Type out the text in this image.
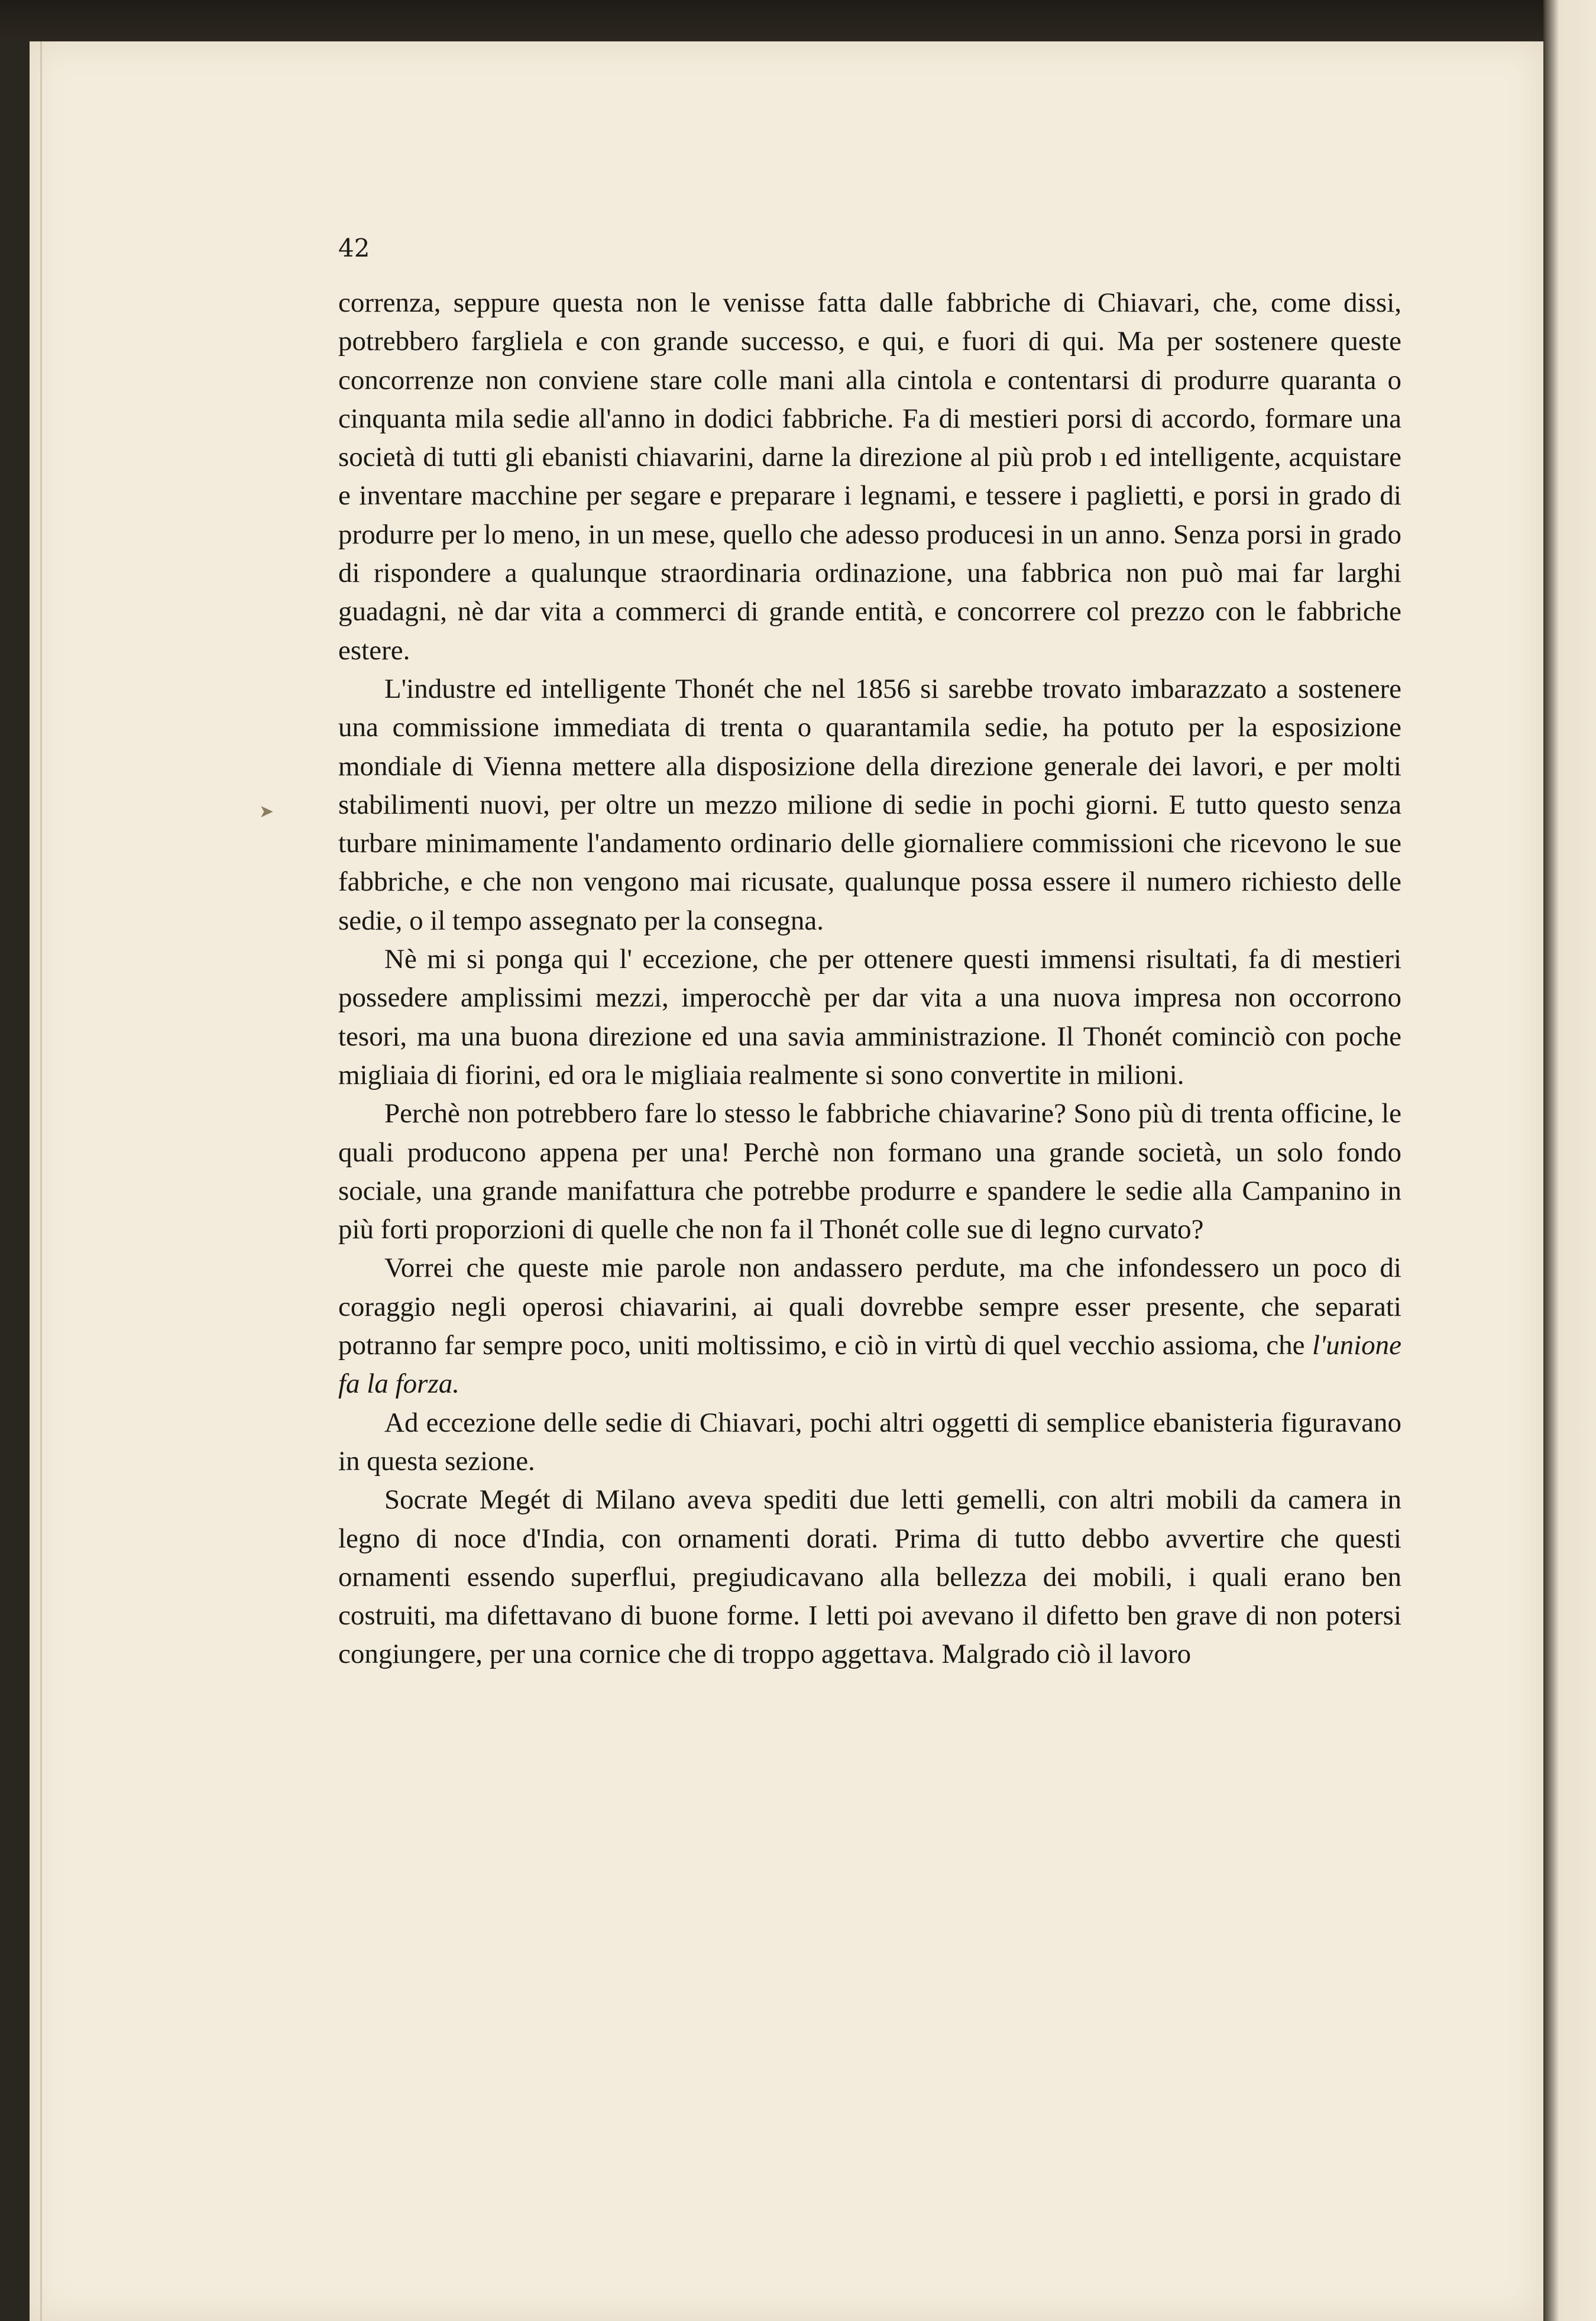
➤

42

correnza, seppure questa non le venisse fatta dalle fabbriche di Chiavari, che, come dissi, potrebbero fargliela e con grande successo, e qui, e fuori di qui. Ma per sostenere queste concorrenze non conviene stare colle mani alla cintola e contentarsi di produrre quaranta o cinquanta mila sedie all'anno in dodici fabbriche. Fa di mestieri porsi di accordo, formare una società di tutti gli ebanisti chiavarini, darne la direzione al più prob ı ed intelligente, acquistare e inventare macchine per segare e preparare i legnami, e tessere i paglietti, e porsi in grado di produrre per lo meno, in un mese, quello che adesso producesi in un anno. Senza porsi in grado di rispondere a qualunque straordinaria ordinazione, una fabbrica non può mai far larghi guadagni, nè dar vita a commerci di grande entità, e concorrere col prezzo con le fabbriche estere.

L'industre ed intelligente Thonét che nel 1856 si sarebbe trovato imbarazzato a sostenere una commissione immediata di trenta o quarantamila sedie, ha potuto per la esposizione mondiale di Vienna mettere alla disposizione della direzione generale dei lavori, e per molti stabilimenti nuovi, per oltre un mezzo milione di sedie in pochi giorni. E tutto questo senza turbare minimamente l'andamento ordinario delle giornaliere commissioni che ricevono le sue fabbriche, e che non vengono mai ricusate, qualunque possa essere il numero richiesto delle sedie, o il tempo assegnato per la consegna.

Nè mi si ponga qui l' eccezione, che per ottenere questi immensi risultati, fa di mestieri possedere amplissimi mezzi, imperocchè per dar vita a una nuova impresa non occorrono tesori, ma una buona direzione ed una savia amministrazione. Il Thonét cominciò con poche migliaia di fiorini, ed ora le migliaia realmente si sono convertite in milioni.

Perchè non potrebbero fare lo stesso le fabbriche chiavarine? Sono più di trenta officine, le quali producono appena per una! Perchè non formano una grande società, un solo fondo sociale, una grande manifattura che potrebbe produrre e spandere le sedie alla Campanino in più forti proporzioni di quelle che non fa il Thonét colle sue di legno curvato?

Vorrei che queste mie parole non andassero perdute, ma che infondessero un poco di coraggio negli operosi chiavarini, ai quali dovrebbe sempre esser presente, che separati potranno far sempre poco, uniti moltissimo, e ciò in virtù di quel vecchio assioma, che l'unione fa la forza.

Ad eccezione delle sedie di Chiavari, pochi altri oggetti di semplice ebanisteria figuravano in questa sezione.

Socrate Megét di Milano aveva spediti due letti gemelli, con altri mobili da camera in legno di noce d'India, con ornamenti dorati. Prima di tutto debbo avvertire che questi ornamenti essendo superflui, pregiudicavano alla bellezza dei mobili, i quali erano ben costruiti, ma difettavano di buone forme. I letti poi avevano il difetto ben grave di non potersi congiungere, per una cornice che di troppo aggettava. Malgrado ciò il lavoro
